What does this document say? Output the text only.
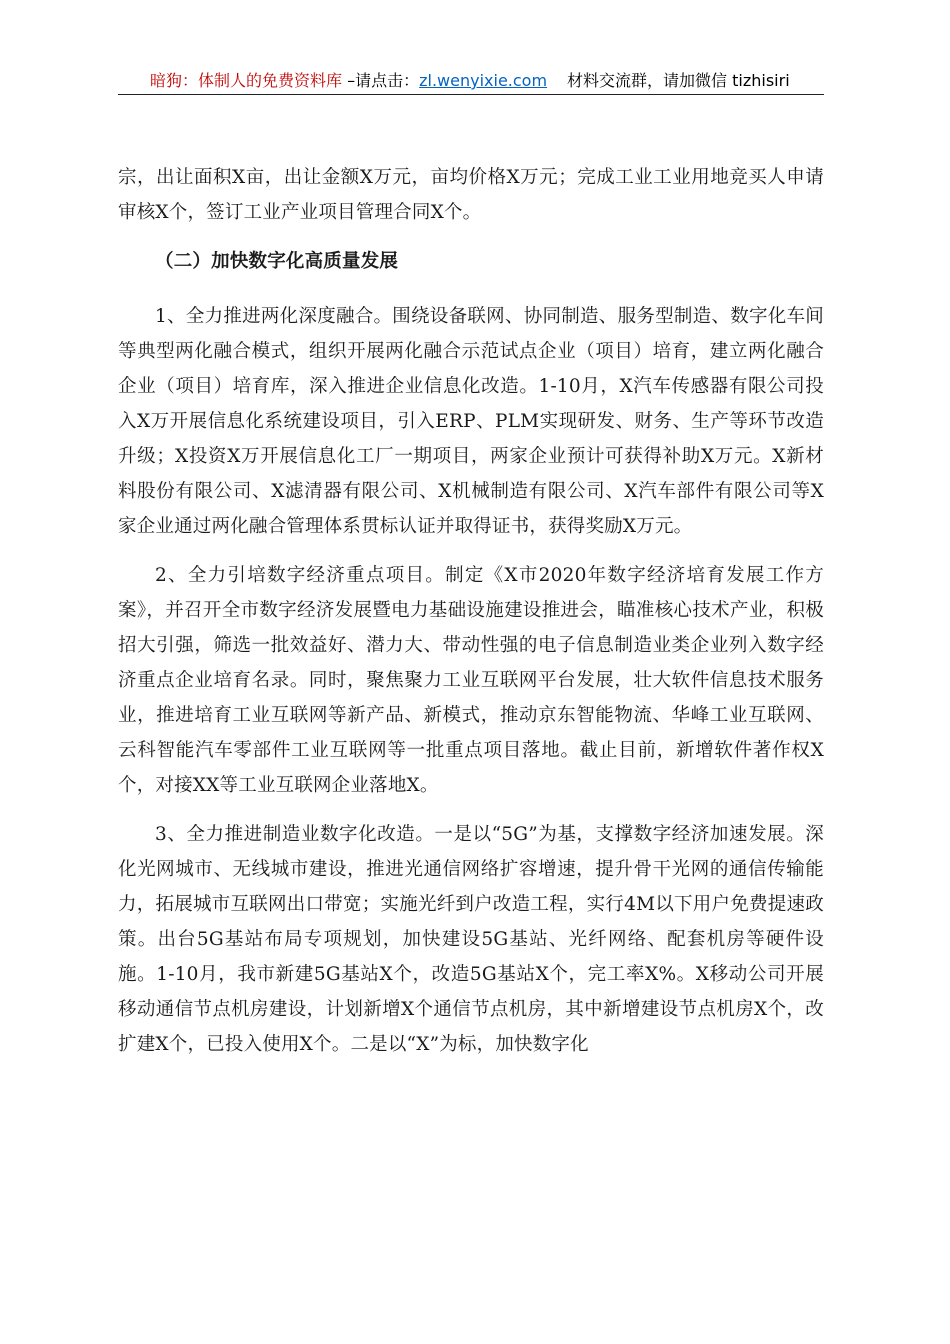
暗狗：体制人的免费资料库 –请点击：zl.wenyixie.com 材料交流群，请加微信 tizhisiri

宗，出让面积X亩，出让金额X万元，亩均价格X万元；完成工业工业用地竞买人申请审核X个，签订工业产业项目管理合同X个。

（二）加快数字化高质量发展

1、全力推进两化深度融合。围绕设备联网、协同制造、服务型制造、数字化车间等典型两化融合模式，组织开展两化融合示范试点企业（项目）培育，建立两化融合企业（项目）培育库，深入推进企业信息化改造。1-10月，X汽车传感器有限公司投入X万开展信息化系统建设项目，引入ERP、PLM实现研发、财务、生产等环节改造升级；X投资X万开展信息化工厂一期项目，两家企业预计可获得补助X万元。X新材料股份有限公司、X滤清器有限公司、X机械制造有限公司、X汽车部件有限公司等X家企业通过两化融合管理体系贯标认证并取得证书，获得奖励X万元。

2、全力引培数字经济重点项目。制定《X市2020年数字经济培育发展工作方案》，并召开全市数字经济发展暨电力基础设施建设推进会，瞄准核心技术产业，积极招大引强，筛选一批效益好、潜力大、带动性强的电子信息制造业类企业列入数字经济重点企业培育名录。同时，聚焦聚力工业互联网平台发展，壮大软件信息技术服务业，推进培育工业互联网等新产品、新模式，推动京东智能物流、华峰工业互联网、云科智能汽车零部件工业互联网等一批重点项目落地。截止目前，新增软件著作权X个，对接XX等工业互联网企业落地X。

3、全力推进制造业数字化改造。一是以“5G”为基，支撑数字经济加速发展。深化光网城市、无线城市建设，推进光通信网络扩容增速，提升骨干光网的通信传输能力，拓展城市互联网出口带宽；实施光纤到户改造工程，实行4M以下用户免费提速政策。出台5G基站布局专项规划，加快建设5G基站、光纤网络、配套机房等硬件设施。1-10月，我市新建5G基站X个，改造5G基站X个，完工率X%。X移动公司开展移动通信节点机房建设，计划新增X个通信节点机房，其中新增建设节点机房X个，改扩建X个，已投入使用X个。二是以“X”为标，加快数字化
